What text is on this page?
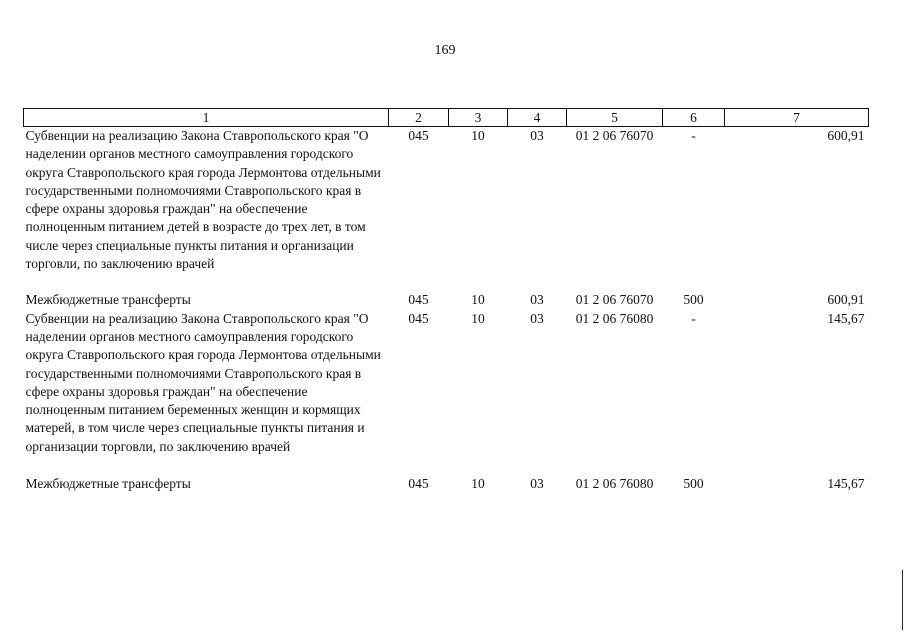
169
1	2	3	4	5	6	7
Субвенции на реализацию Закона Ставропольского края "О наделении органов местного самоуправления городского округа Ставропольского края города Лермонтова отдельными государственными полномочиями Ставропольского края в сфере охраны здоровья граждан" на обеспечение полноценным питанием детей в возрасте до трех лет, в том числе через специальные пункты питания и организации торговли, по заключению врачей	045	10	03	01 2 06 76070	-	600,91
Межбюджетные трансферты	045	10	03	01 2 06 76070	500	600,91
Субвенции на реализацию Закона Ставропольского края "О наделении органов местного самоуправления городского округа Ставропольского края города Лермонтова отдельными государственными полномочиями Ставропольского края в сфере охраны здоровья граждан" на обеспечение полноценным питанием беременных женщин и кормящих матерей, в том числе через специальные пункты питания и организации торговли, по заключению врачей	045	10	03	01 2 06 76080	-	145,67
Межбюджетные трансферты	045	10	03	01 2 06 76080	500	145,67
